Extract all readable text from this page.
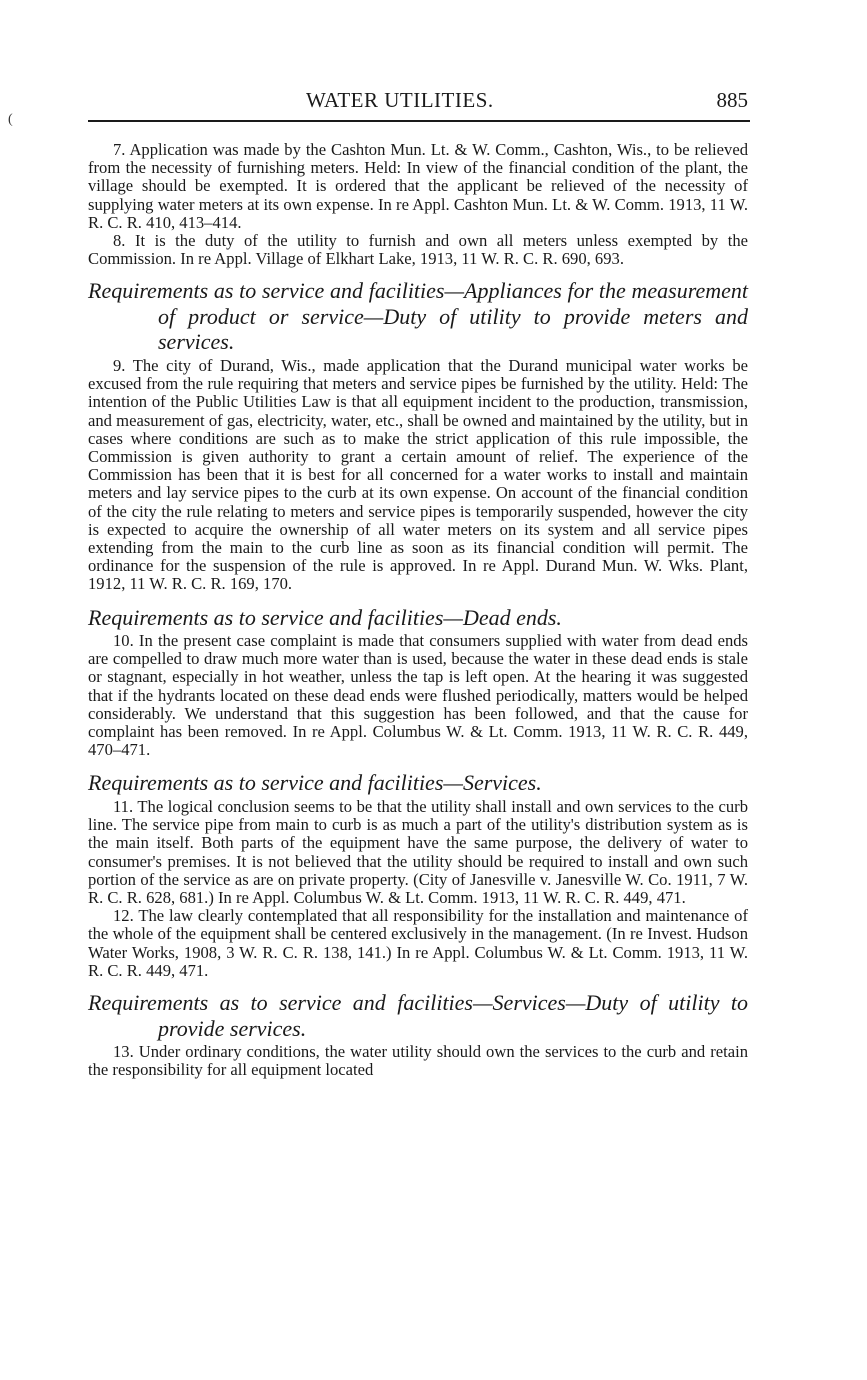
WATER UTILITIES.	885
(

7. Application was made by the Cashton Mun. Lt. & W. Comm., Cashton, Wis., to be relieved from the necessity of furnishing meters. Held: In view of the financial condition of the plant, the village should be exempted. It is ordered that the applicant be relieved of the necessity of supplying water meters at its own expense. In re Appl. Cashton Mun. Lt. & W. Comm. 1913, 11 W. R. C. R. 410, 413–414.

8. It is the duty of the utility to furnish and own all meters unless exempted by the Commission. In re Appl. Village of Elkhart Lake, 1913, 11 W. R. C. R. 690, 693.

Requirements as to service and facilities—Appliances for the measurement of product or service—Duty of utility to provide meters and services.

9. The city of Durand, Wis., made application that the Durand municipal water works be excused from the rule requiring that meters and service pipes be furnished by the utility. Held: The intention of the Public Utilities Law is that all equipment incident to the production, transmission, and measurement of gas, electricity, water, etc., shall be owned and maintained by the utility, but in cases where conditions are such as to make the strict application of this rule impossible, the Commission is given authority to grant a certain amount of relief. The experience of the Commission has been that it is best for all concerned for a water works to install and maintain meters and lay service pipes to the curb at its own expense. On account of the financial condition of the city the rule relating to meters and service pipes is temporarily suspended, however the city is expected to acquire the ownership of all water meters on its system and all service pipes extending from the main to the curb line as soon as its financial condition will permit. The ordinance for the suspension of the rule is approved. In re Appl. Durand Mun. W. Wks. Plant, 1912, 11 W. R. C. R. 169, 170.

Requirements as to service and facilities—Dead ends.

10. In the present case complaint is made that consumers supplied with water from dead ends are compelled to draw much more water than is used, because the water in these dead ends is stale or stagnant, especially in hot weather, unless the tap is left open. At the hearing it was suggested that if the hydrants located on these dead ends were flushed periodically, matters would be helped considerably. We understand that this suggestion has been followed, and that the cause for complaint has been removed. In re Appl. Columbus W. & Lt. Comm. 1913, 11 W. R. C. R. 449, 470–471.

Requirements as to service and facilities—Services.

11. The logical conclusion seems to be that the utility shall install and own services to the curb line. The service pipe from main to curb is as much a part of the utility's distribution system as is the main itself. Both parts of the equipment have the same purpose, the delivery of water to consumer's premises. It is not believed that the utility should be required to install and own such portion of the service as are on private property. (City of Janesville v. Janesville W. Co. 1911, 7 W. R. C. R. 628, 681.) In re Appl. Columbus W. & Lt. Comm. 1913, 11 W. R. C. R. 449, 471.

12. The law clearly contemplated that all responsibility for the installation and maintenance of the whole of the equipment shall be centered exclusively in the management. (In re Invest. Hudson Water Works, 1908, 3 W. R. C. R. 138, 141.) In re Appl. Columbus W. & Lt. Comm. 1913, 11 W. R. C. R. 449, 471.

Requirements as to service and facilities—Services—Duty of utility to provide services.

13. Under ordinary conditions, the water utility should own the services to the curb and retain the responsibility for all equipment located
